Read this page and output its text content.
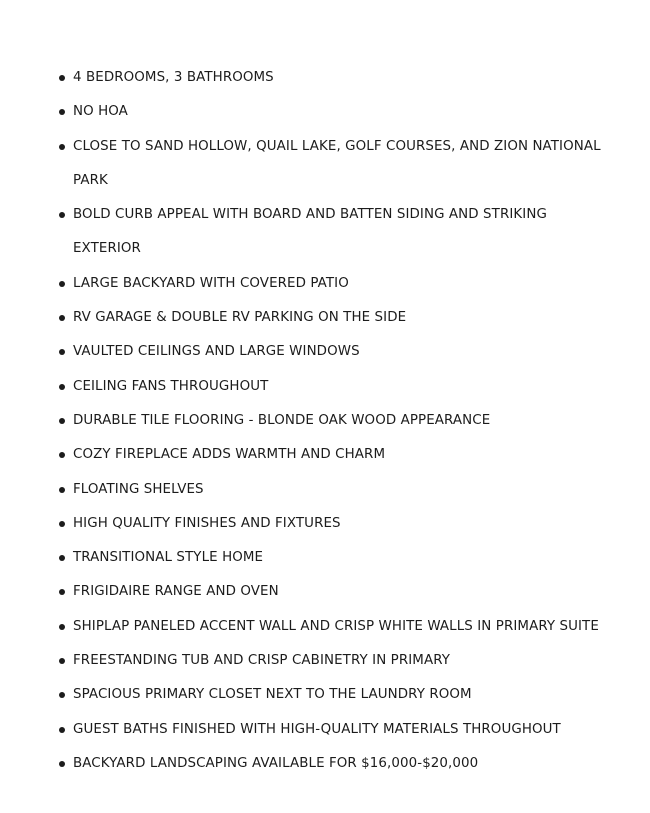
4 BEDROOMS, 3 BATHROOMS
NO HOA
CLOSE TO SAND HOLLOW, QUAIL LAKE, GOLF COURSES, AND ZION NATIONAL PARK
BOLD CURB APPEAL WITH BOARD AND BATTEN SIDING AND STRIKING EXTERIOR
LARGE BACKYARD WITH COVERED PATIO
RV GARAGE & DOUBLE RV PARKING ON THE SIDE
VAULTED CEILINGS AND LARGE WINDOWS
CEILING FANS THROUGHOUT
DURABLE TILE FLOORING - BLONDE OAK WOOD APPEARANCE
COZY FIREPLACE ADDS WARMTH AND CHARM
FLOATING SHELVES
HIGH QUALITY FINISHES AND FIXTURES
TRANSITIONAL STYLE HOME
FRIGIDAIRE RANGE AND OVEN
SHIPLAP PANELED ACCENT WALL AND CRISP WHITE WALLS IN PRIMARY SUITE
FREESTANDING TUB AND CRISP CABINETRY IN PRIMARY
SPACIOUS PRIMARY CLOSET NEXT TO THE LAUNDRY ROOM
GUEST BATHS FINISHED WITH HIGH-QUALITY MATERIALS THROUGHOUT
BACKYARD LANDSCAPING AVAILABLE FOR $16,000-$20,000
